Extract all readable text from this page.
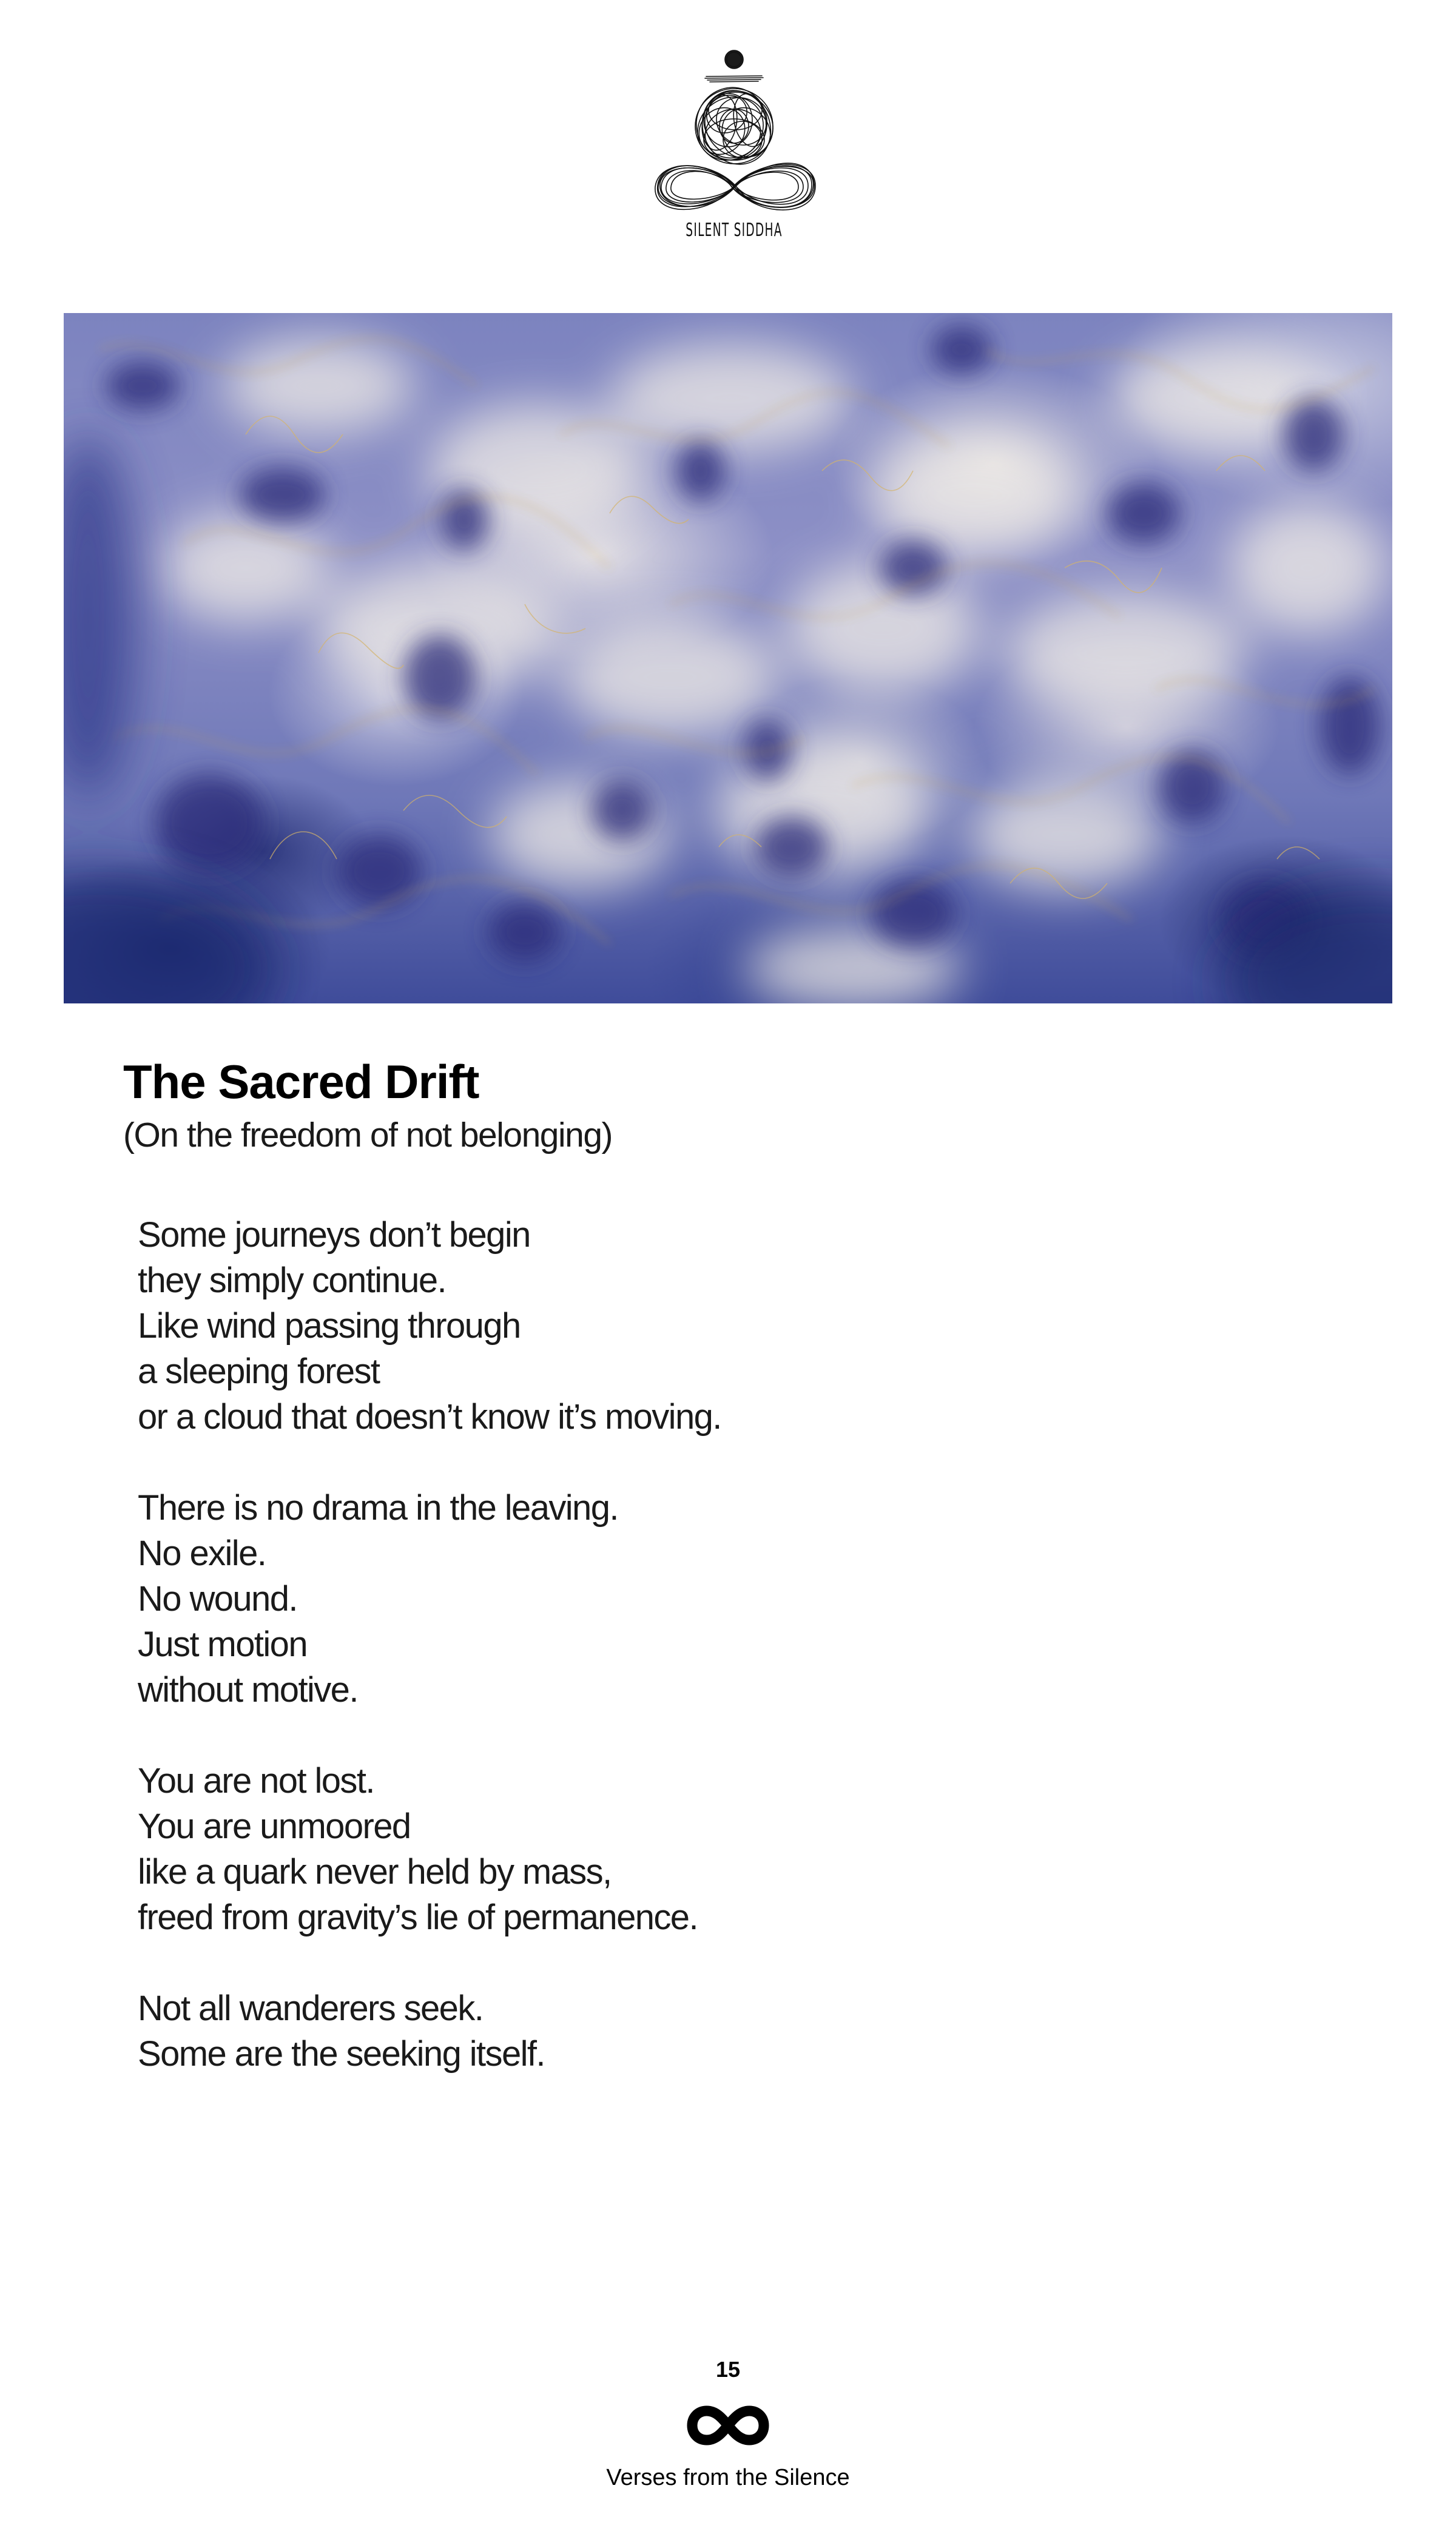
SILENT SIDDHA
The Sacred Drift
(On the freedom of not belonging)
Some journeys don’t begin
they simply continue.
Like wind passing through
a sleeping forest
or a cloud that doesn’t know it’s moving.
There is no drama in the leaving.
No exile.
No wound.
Just motion
without motive.
You are not lost.
You are unmoored
like a quark never held by mass,
freed from gravity’s lie of permanence.
Not all wanderers seek.
Some are the seeking itself.
15
Verses from the Silence
